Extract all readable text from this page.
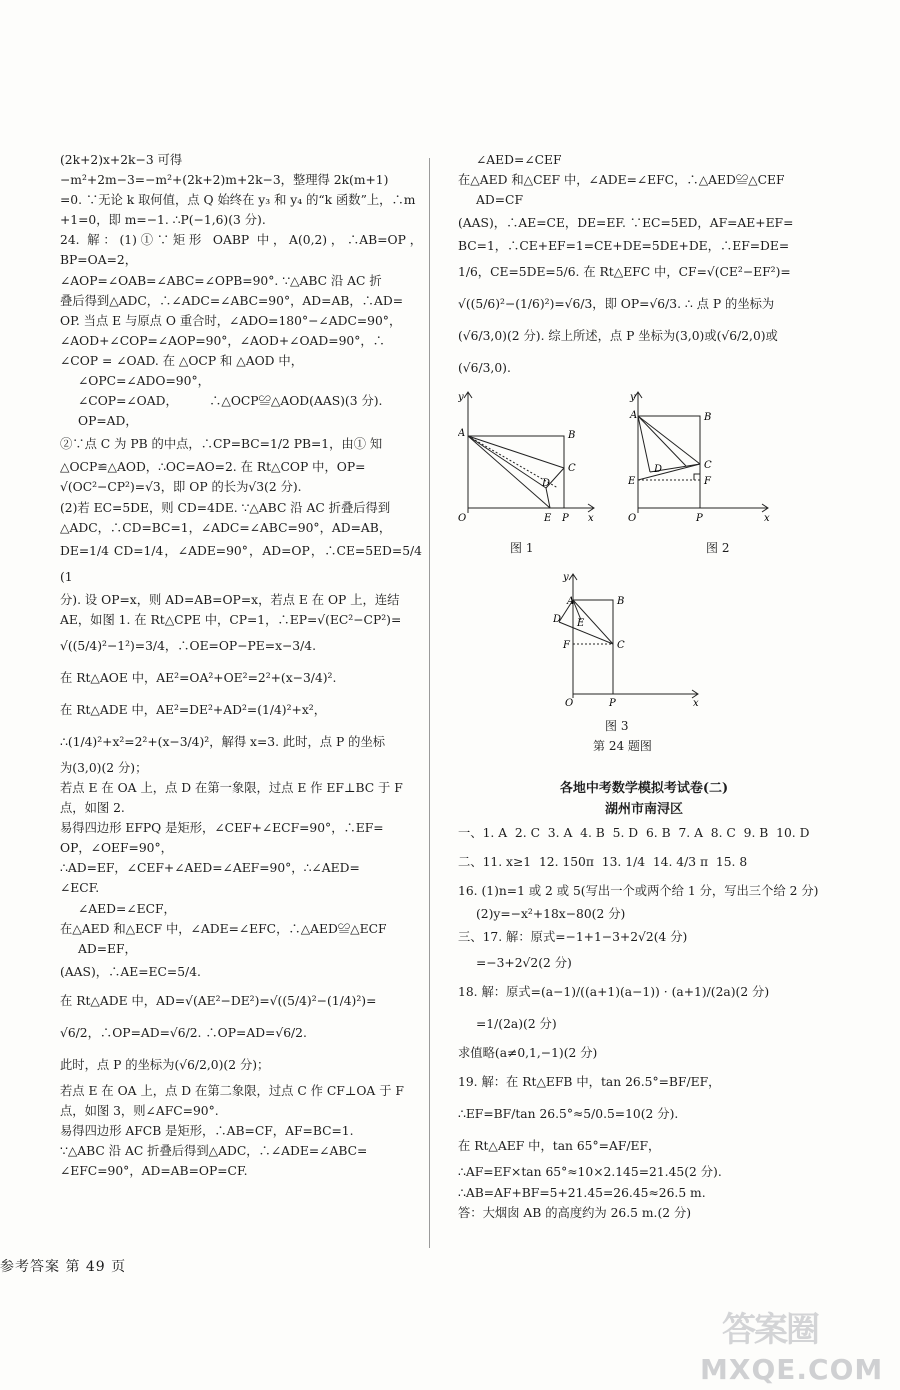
(2k+2)x+2k−3 可得
−m²+2m−3=−m²+(2k+2)m+2k−3，整理得 2k(m+1)
=0. ∵无论 k 取何值，点 Q 始终在 y₃ 和 y₄ 的“k 函数”上，∴m
+1=0，即 m=−1. ∴P(−1,6)(3 分).
24. 解：(1)①∵矩形 OABP 中，A(0,2)，∴AB=OP，BP=OA=2，
∠AOP=∠OAB=∠ABC=∠OPB=90°. ∵△ABC 沿 AC 折
叠后得到△ADC，∴∠ADC=∠ABC=90°，AD=AB，∴AD=
OP. 当点 E 与原点 O 重合时，∠ADO=180°−∠ADC=90°，
∠AOD+∠COP=∠AOP=90°，∠AOD+∠OAD=90°，∴
∠COP = ∠OAD. 在 △OCP 和 △AOD 中，
∠OPC=∠ADO=90°，
∠COP=∠OAD，        ∴△OCP≌△AOD(AAS)(3 分).
OP=AD，
②∵点 C 为 PB 的中点，∴CP=BC=1/2 PB=1，由① 知
△OCP≌△AOD，∴OC=AO=2. 在 Rt△COP 中，OP=
√(OC²−CP²)=√3，即 OP 的长为√3(2 分).
(2)若 EC=5DE，则 CD=4DE. ∵△ABC 沿 AC 折叠后得到
△ADC，∴CD=BC=1，∠ADC=∠ABC=90°，AD=AB，
DE=1/4 CD=1/4，∠ADE=90°，AD=OP，∴CE=5ED=5/4 (1
分). 设 OP=x，则 AD=AB=OP=x，若点 E 在 OP 上，连结
AE，如图 1. 在 Rt△CPE 中，CP=1，∴EP=√(EC²−CP²)=
√((5/4)²−1²)=3/4，∴OE=OP−PE=x−3/4.
在 Rt△AOE 中，AE²=OA²+OE²=2²+(x−3/4)².
在 Rt△ADE 中，AE²=DE²+AD²=(1/4)²+x²，
∴(1/4)²+x²=2²+(x−3/4)²，解得 x=3. 此时，点 P 的坐标
为(3,0)(2 分)；
若点 E 在 OA 上，点 D 在第一象限，过点 E 作 EF⊥BC 于 F
点，如图 2.
易得四边形 EFPQ 是矩形，∠CEF+∠ECF=90°，∴EF=
OP，∠OEF=90°，
∴AD=EF，∠CEF+∠AED=∠AEF=90°，∴∠AED=
∠ECF.
∠AED=∠ECF，
在△AED 和△ECF 中，∠ADE=∠EFC，∴△AED≌△ECF
AD=EF，
(AAS)，∴AE=EC=5/4.
在 Rt△ADE 中，AD=√(AE²−DE²)=√((5/4)²−(1/4)²)=
√6/2，∴OP=AD=√6/2. ∴OP=AD=√6/2.
此时，点 P 的坐标为(√6/2,0)(2 分)；
若点 E 在 OA 上，点 D 在第二象限，过点 C 作 CF⊥OA 于 F
点，如图 3，则∠AFC=90°.
易得四边形 AFCB 是矩形，∴AB=CF，AF=BC=1.
∵△ABC 沿 AC 折叠后得到△ADC，∴∠ADE=∠ABC=
∠EFC=90°，AD=AB=OP=CF.
∠AED=∠CEF
在△AED 和△CEF 中，∠ADE=∠EFC，∴△AED≌△CEF
AD=CF
(AAS)，∴AE=CE，DE=EF. ∵EC=5ED，AF=AE+EF=
BC=1，∴CE+EF=1=CE+DE=5DE+DE，∴EF=DE=
1/6，CE=5DE=5/6. 在 Rt△EFC 中，CF=√(CE²−EF²)=
√((5/6)²−(1/6)²)=√6/3，即 OP=√6/3. ∴ 点 P 的坐标为
(√6/3,0)(2 分). 综上所述，点 P 坐标为(3,0)或(√6/2,0)或
(√6/3,0).
y
x
O
A	B
C
D
E P
图 1
y
x
O
A	B
C
D
E	F
P
图 2
y
x
O
A	B
C
D E
F
P
图 3
第 24 题图
各地中考数学模拟考试卷(二)
湖州市南浔区
一、1. A  2. C  3. A  4. B  5. D  6. B  7. A  8. C  9. B  10. D
二、11. x≥1  12. 150π  13. 1/4  14. 4/3 π  15. 8
16. (1)n=1 或 2 或 5(写出一个或两个给 1 分，写出三个给 2 分)
(2)y=−x²+18x−80(2 分)
三、17. 解：原式=−1+1−3+2√2(4 分)
=−3+2√2(2 分)
18. 解：原式=(a−1)/((a+1)(a−1)) · (a+1)/(2a)(2 分)
=1/(2a)(2 分)
求值略(a≠0,1,−1)(2 分)
19. 解：在 Rt△EFB 中，tan 26.5°=BF/EF，
∴EF=BF/tan 26.5°≈5/0.5=10(2 分).
在 Rt△AEF 中，tan 65°=AF/EF，
∴AF=EF×tan 65°≈10×2.145=21.45(2 分).
∴AB=AF+BF=5+21.45=26.45≈26.5 m.
答：大烟囱 AB 的高度约为 26.5 m.(2 分)
参考答案 第 49 页
答案圈
MXQE.COM
